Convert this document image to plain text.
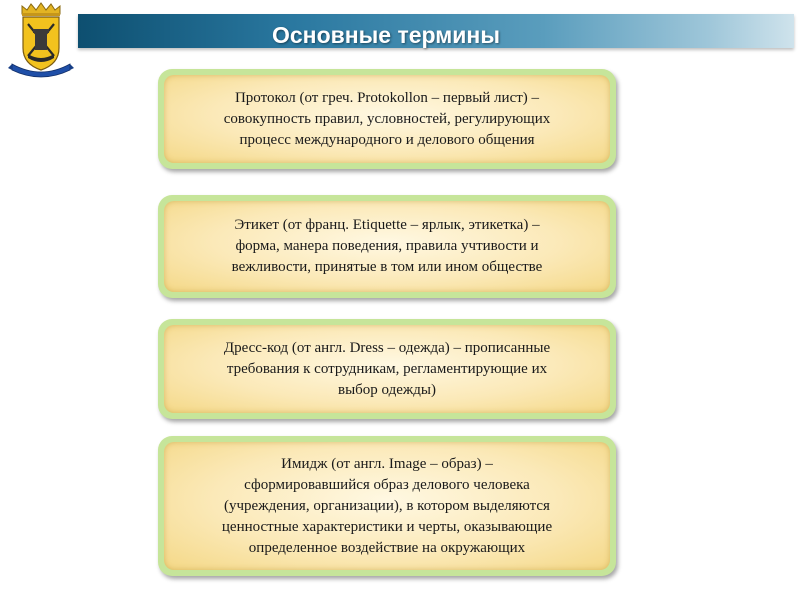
Основные термины
Протокол (от греч. Protokollon – первый лист) –
совокупность правил, условностей, регулирующих
процесс международного и делового общения
Этикет (от франц. Etiquette – ярлык, этикетка) –
форма, манера поведения, правила учтивости и
вежливости, принятые в том или ином обществе
Дресс-код (от англ. Dress – одежда) – прописанные
требования к сотрудникам, регламентирующие их
выбор одежды)
Имидж (от англ. Image – образ) –
сформировавшийся образ делового человека
(учреждения, организации), в котором выделяются
ценностные характеристики и черты, оказывающие
определенное воздействие на окружающих
